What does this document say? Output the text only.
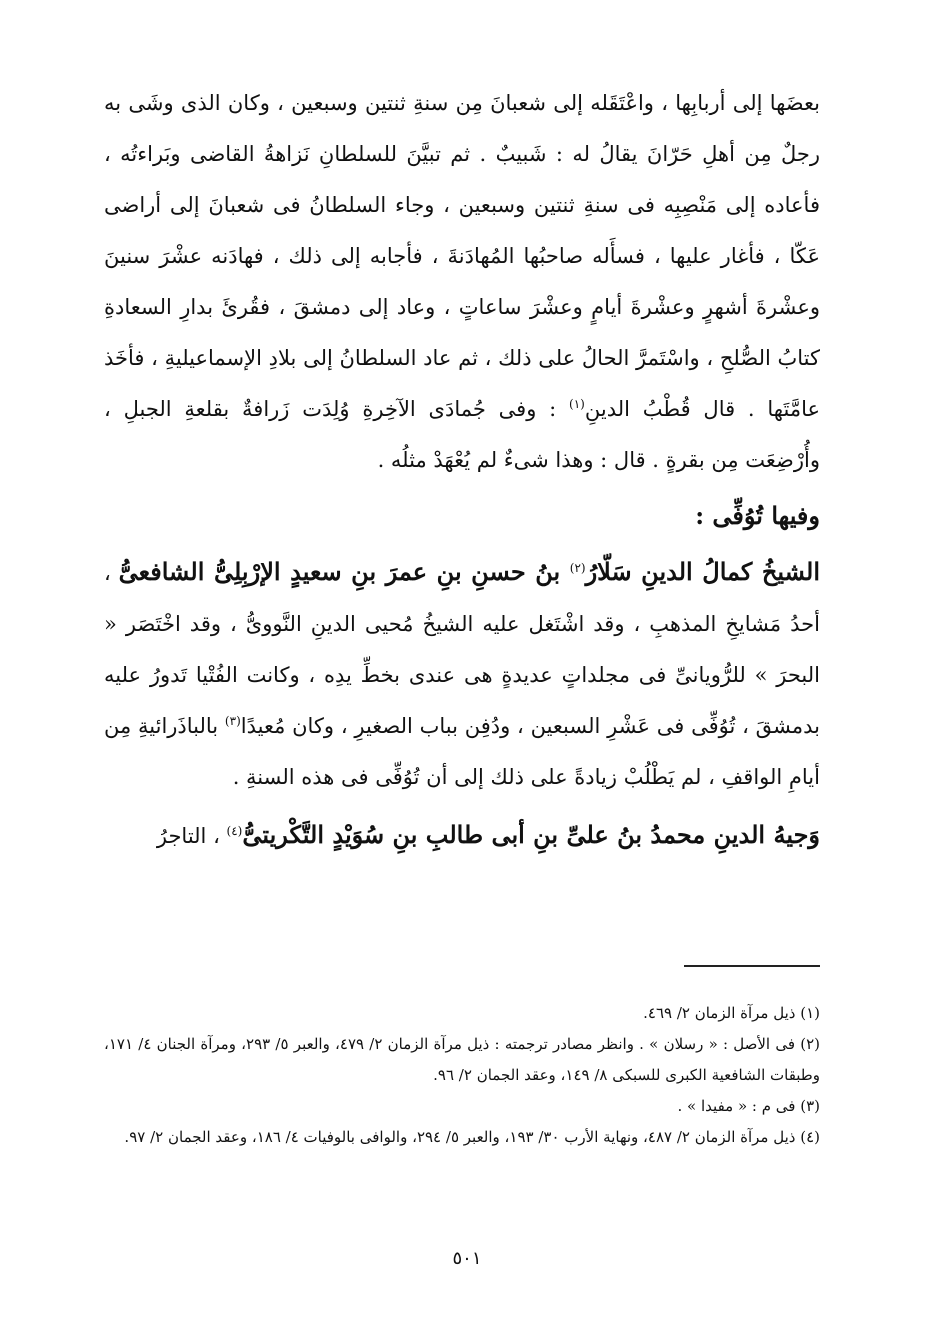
بعضَها إلى أربابِها ، واعْتَقَله إلى شعبانَ مِن سنةِ ثنتين وسبعين ، وكان الذى وشَى به رجلٌ مِن أهلِ حَرّانَ يقالُ له : شَبيبٌ . ثم تبيَّنَ للسلطانِ نَزاهةُ القاضى وبَراءتُه ، فأعاده إلى مَنْصِبِه فى سنةِ ثنتين وسبعين ، وجاء السلطانُ فى شعبانَ إلى أراضى عَكّا ، فأغار عليها ، فسأَله صاحبُها المُهادَنةَ ، فأجابه إلى ذلك ، فهادَنه عشْرَ سنينَ وعشْرةَ أشهرٍ وعشْرةَ أيامٍ وعشْرَ ساعاتٍ ، وعاد إلى دمشقَ ، فقُرئَ بدارِ السعادةِ كتابُ الصُّلحِ ، واسْتَمرَّ الحالُ على ذلك ، ثم عاد السلطانُ إلى بلادِ الإسماعيليةِ ، فأخَذ عامَّتَها . قال قُطْبُ الدينِ$^{(١)}$ : وفى جُمادَى الآخِرةِ وُلِدَت زَرافةٌ بقلعةِ الجبلِ ، وأُرْضِعَت مِن بقرةٍ . قال : وهذا شىءٌ لم يُعْهَدْ مثلُه .

وفيها تُوُفِّى :

الشيخُ كمالُ الدينِ سَلّارُ$^{(٢)}$ بنُ حسنِ بنِ عمرَ بنِ سعيدٍ الإرْبِلِىُّ الشافعىُّ ، أحدُ مَشايخِ المذهبِ ، وقد اشْتَغل عليه الشيخُ مُحيى الدينِ النَّووىُّ ، وقد اخْتَصَر « البحرَ » للرُّويانىِّ فى مجلداتٍ عديدةٍ هى عندى بخطِّ يدِه ، وكانت الفُتْيا تَدورُ عليه بدمشقَ ، تُوُفِّى فى عَشْرِ السبعين ، ودُفِن بباب الصغيرِ ، وكان مُعيدًا$^{(٣)}$ بالباذَرائيةِ مِن أيامِ الواقفِ ، لم يَطْلُبْ زيادةً على ذلك إلى أن تُوُفِّى فى هذه السنةِ .

وَجيهُ الدينِ محمدُ بنُ علىِّ بنِ أبى طالبِ بنِ سُوَيْدٍ التَّكْريتىُّ$^{(٤)}$ ، التاجرُ

(١) ذيل مرآة الزمان ٢/ ٤٦٩.

(٢) فى الأصل : « رسلان » . وانظر مصادر ترجمته : ذيل مرآة الزمان ٢/ ٤٧٩، والعبر ٥/ ٢٩٣، ومرآة الجنان ٤/ ١٧١، وطبقات الشافعية الكبرى للسبكى ٨/ ١٤٩، وعقد الجمان ٢/ ٩٦.

(٣) فى م : « مفيدا » .

(٤) ذيل مرآة الزمان ٢/ ٤٨٧، ونهاية الأرب ٣٠/ ١٩٣، والعبر ٥/ ٢٩٤، والوافى بالوفيات ٤/ ١٨٦، وعقد الجمان ٢/ ٩٧.

٥٠١
